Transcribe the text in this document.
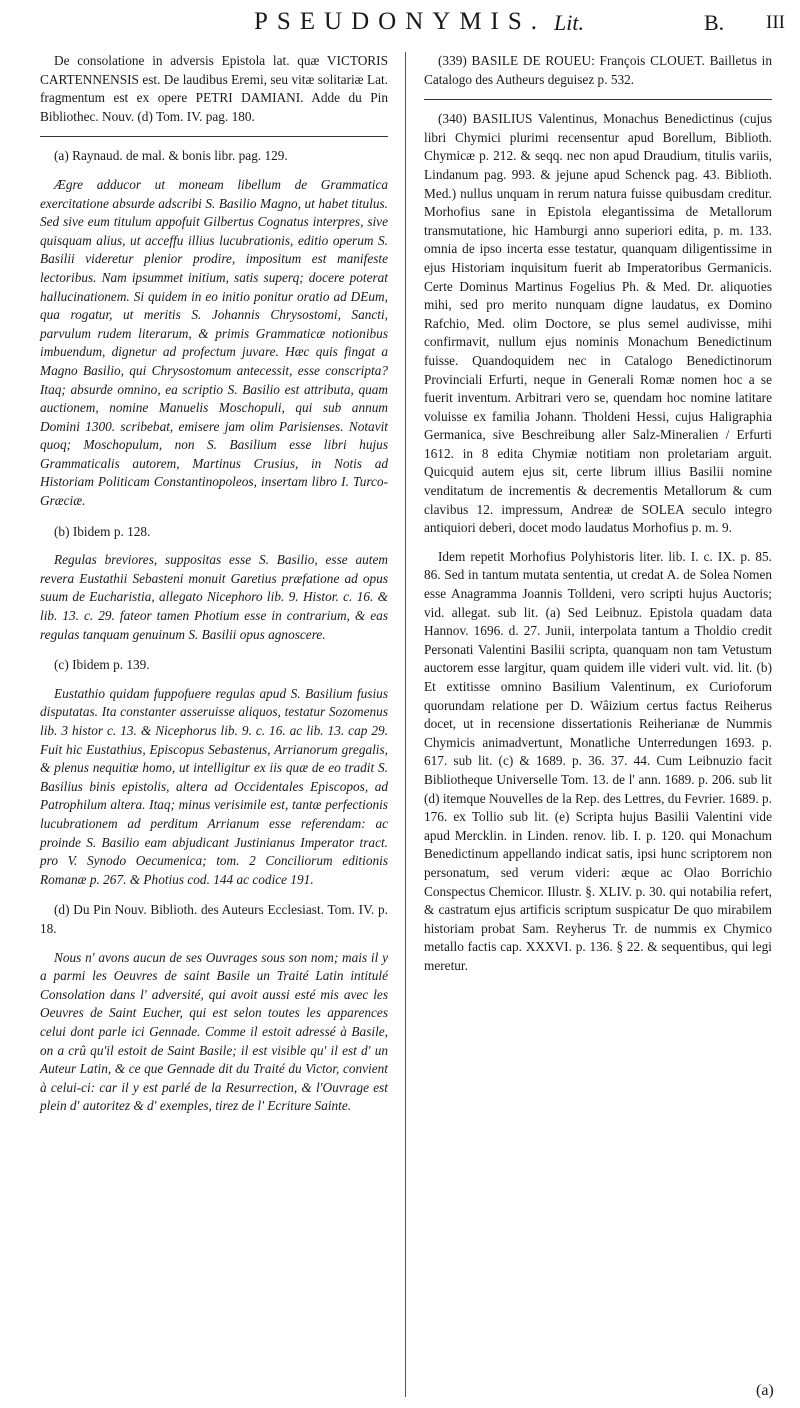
PSEUDONYMIS. Lit.	B. III

De consolatione in adversis Epistola lat. quæ VICTORIS CARTENNENSIS est. De laudibus Eremi, seu vitæ solitariæ Lat. fragmentum est ex opere PETRI DAMIANI. Adde du Pin Bibliothec. Nouv. (d) Tom. IV. pag. 180.

(a) Raynaud. de mal. & bonis libr. pag. 129.

Ægre adducor ut moneam libellum de Grammatica exercitatione absurde adscribi S. Basilio Magno, ut habet titulus. Sed sive eum titulum appofuit Gilbertus Cognatus interpres, sive quisquam alius, ut acceffu illius lucubrationis, editio operum S. Basilii videretur plenior prodire, impositum est manifeste lectoribus. Nam ipsummet initium, satis superq; docere poterat hallucinationem. Si quidem in eo initio ponitur oratio ad DEum, qua rogatur, ut meritis S. Johannis Chrysostomi, Sancti, parvulum rudem literarum, & primis Grammaticæ notionibus imbuendum, dignetur ad profectum juvare. Hæc quis fingat a Magno Basilio, qui Chrysostomum antecessit, esse conscripta? Itaq; absurde omnino, ea scriptio S. Basilio est attributa, quam auctionem, nomine Manuelis Moschopuli, qui sub annum Domini 1300. scribebat, emisere jam olim Parisienses. Notavit quoq; Moschopulum, non S. Basilium esse libri hujus Grammaticalis autorem, Martinus Crusius, in Notis ad Historiam Politicam Constantinopoleos, insertam libro I. Turco-Græciæ.

(b) Ibidem p. 128.

Regulas breviores, suppositas esse S. Basilio, esse autem revera Eustathii Sebasteni monuit Garetius præfatione ad opus suum de Eucharistia, allegato Nicephoro lib. 9. Histor. c. 16. & lib. 13. c. 29. fateor tamen Photium esse in contrarium, & eas regulas tanquam genuinum S. Basilii opus agnoscere.

(c) Ibidem p. 139.

Eustathio quidam fuppofuere regulas apud S. Basilium fusius disputatas. Ita constanter asseruisse aliquos, testatur Sozomenus lib. 3 histor c. 13. & Nicephorus lib. 9. c. 16. ac lib. 13. cap 29. Fuit hic Eustathius, Episcopus Sebastenus, Arrianorum gregalis, & plenus nequitiæ homo, ut intelligitur ex iis quæ de eo tradit S. Basilius binis epistolis, altera ad Occidentales Episcopos, ad Patrophilum altera. Itaq; minus verisimile est, tantæ perfectionis lucubrationem ad perditum Arrianum esse referendam: ac proinde S. Basilio eam abjudicant Justinianus Imperator tract. pro V. Synodo Oecumenica; tom. 2 Conciliorum editionis Romanæ p. 267. & Photius cod. 144 ac codice 191.

(d) Du Pin Nouv. Biblioth. des Auteurs Ecclesiast. Tom. IV. p. 18.

Nous n' avons aucun de ses Ouvrages sous son nom; mais il y a parmi les Oeuvres de saint Basile un Traité Latin intitulé Consolation dans l' adversité, qui avoit aussi esté mis avec les Oeuvres de Saint Eucher, qui est selon toutes les apparences celui dont parle ici Gennade. Comme il estoit adressé à Basile, on a crû qu'il estoit de Saint Basile; il est visible qu' il est d' un Auteur Latin, & ce que Gennade dit du Traité du Victor, convient à celui-ci: car il y est parlé de la Resurrection, & l'Ouvrage est plein d' autoritez & d' exemples, tirez de l' Ecriture Sainte.

(339) BASILE DE ROUEU: François CLOUET. Bailletus in Catalogo des Autheurs deguisez p. 532.

(340) BASILIUS Valentinus, Monachus Benedictinus (cujus libri Chymici plurimi recensentur apud Borellum, Biblioth. Chymicæ p. 212. & seqq. nec non apud Draudium, titulis variis, Lindanum pag. 993. & jejune apud Schenck pag. 43. Biblioth. Med.) nullus unquam in rerum natura fuisse quibusdam creditur. Morhofius sane in Epistola elegantissima de Metallorum transmutatione, hic Hamburgi anno superiori edita, p. m. 133. omnia de ipso incerta esse testatur, quanquam diligentissime in ejus Historiam inquisitum fuerit ab Imperatoribus Germanicis. Certe Dominus Martinus Fogelius Ph. & Med. Dr. aliquoties mihi, sed pro merito nunquam digne laudatus, ex Domino Rafchio, Med. olim Doctore, se plus semel audivisse, mihi confirmavit, nullum ejus nominis Monachum Benedictinum fuisse. Quandoquidem nec in Catalogo Benedictinorum Provinciali Erfurti, neque in Generali Romæ nomen hoc a se fuerit inventum. Arbitrari vero se, quendam hoc nomine latitare voluisse ex familia Johann. Tholdeni Hessi, cujus Haligraphia Germanica, sive Beschreibung aller Salz-Mineralien / Erfurti 1612. in 8 edita Chymiæ notitiam non proletariam arguit. Quicquid autem ejus sit, certe librum illius Basilii nomine venditatum de incrementis & decrementis Metallorum & cum clavibus 12. impressum, Andreæ de SOLEA seculo integro antiquiori deberi, docet modo laudatus Morhofius p. m. 9.

Idem repetit Morhofius Polyhistoris liter. lib. I. c. IX. p. 85. 86. Sed in tantum mutata sententia, ut credat A. de Solea Nomen esse Anagramma Joannis Tolldeni, vero scripti hujus Auctoris; vid. allegat. sub lit. (a) Sed Leibnuz. Epistola quadam data Hannov. 1696. d. 27. Junii, interpolata tantum a Tholdio credit Personati Valentini Basilii scripta, quanquam non tam Vetustum auctorem esse largitur, quam quidem ille videri vult. vid. lit. (b) Et extitisse omnino Basilium Valentinum, ex Curioforum quorundam relatione per D. Wâizium certus factus Reiherus docet, ut in recensione dissertationis Reiherianæ de Nummis Chymicis animadvertunt, Monatliche Unterredungen 1693. p. 617. sub lit. (c) & 1689. p. 36. 37. 44. Cum Leibnuzio facit Bibliotheque Universelle Tom. 13. de l' ann. 1689. p. 206. sub lit (d) itemque Nouvelles de la Rep. des Lettres, du Fevrier. 1689. p. 176. ex Tollio sub lit. (e) Scripta hujus Basilii Valentini vide apud Mercklin. in Linden. renov. lib. I. p. 120. qui Monachum Benedictinum appellando indicat satis, ipsi hunc scriptorem non personatum, sed verum videri: æque ac Olao Borrichio Conspectus Chemicor. Illustr. §. XLIV. p. 30. qui notabilia refert, & castratum ejus artificis scriptum suspicatur De quo mirabilem historiam probat Sam. Reyherus Tr. de nummis ex Chymico metallo factis cap. XXXVI. p. 136. § 22. & sequentibus, qui legi meretur.

(a)
